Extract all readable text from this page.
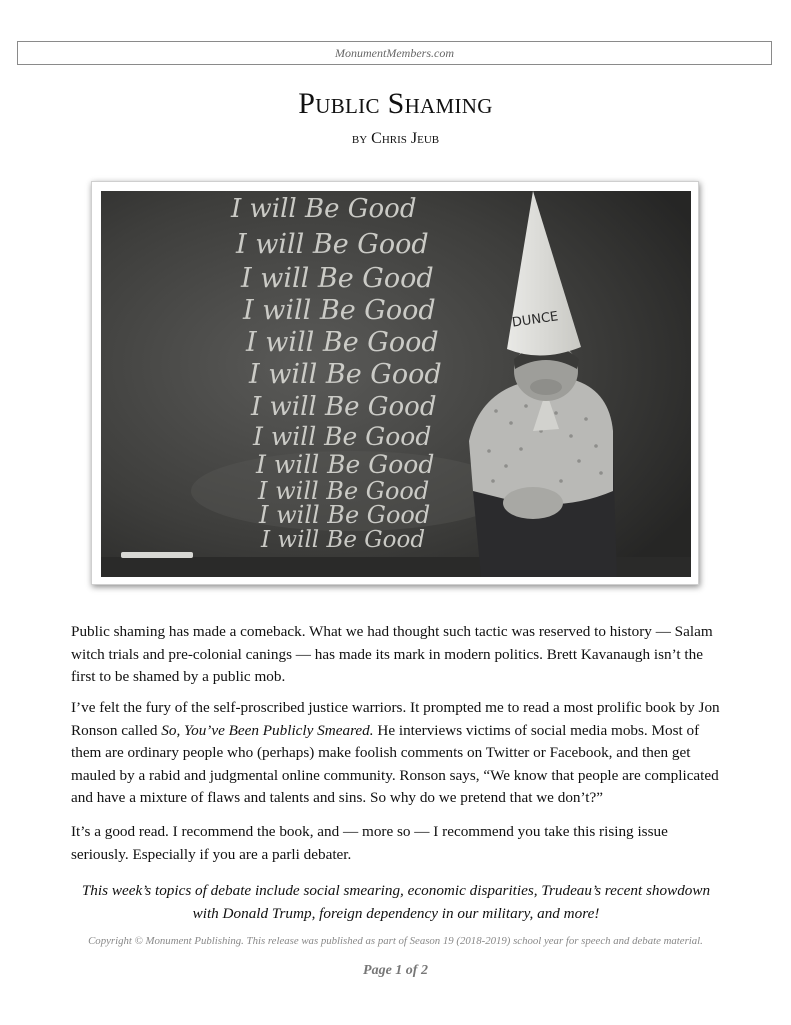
MonumentMembers.com
Public Shaming
by Chris Jeub
I will Be Good
I will Be Good
I will Be Good
I will Be Good
I will Be Good
I will Be Good
I will Be Good
I will Be Good
I will Be Good
I will Be Good
I will Be Good
I will Be Good
DUNCE

Public shaming has made a comeback. What we had thought such tactic was reserved to history — Salam witch trials and pre-colonial canings — has made its mark in modern politics. Brett Kavanaugh isn’t the first to be shamed by a public mob.

I’ve felt the fury of the self-proscribed justice warriors. It prompted me to read a most prolific book by Jon Ronson called So, You’ve Been Publicly Smeared. He interviews victims of social media mobs. Most of them are ordinary people who (perhaps) make foolish comments on Twitter or Facebook, and then get mauled by a rabid and judgmental online community. Ronson says, “We know that people are complicated and have a mixture of flaws and talents and sins. So why do we pretend that we don’t?”

It’s a good read. I recommend the book, and — more so — I recommend you take this rising issue seriously. Especially if you are a parli debater.

This week’s topics of debate include social smearing, economic disparities, Trudeau’s recent showdown with Donald Trump, foreign dependency in our military, and more!
Copyright © Monument Publishing. This release was published as part of Season 19 (2018-2019) school year for speech and debate material.
Page 1 of 2
